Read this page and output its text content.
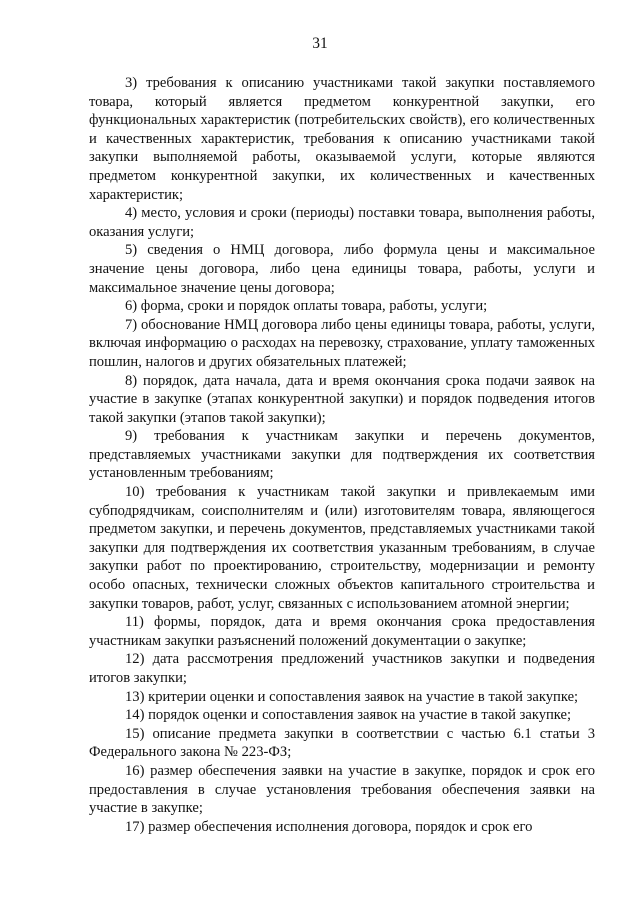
31

3) требования к описанию участниками такой закупки поставляемого товара, который является предметом конкурентной закупки, его функциональных характеристик (потребительских свойств), его количественных и качественных характеристик, требования к описанию участниками такой закупки выполняемой работы, оказываемой услуги, которые являются предметом конкурентной закупки, их количественных и качественных характеристик;

4) место, условия и сроки (периоды) поставки товара, выполнения работы, оказания услуги;

5) сведения о НМЦ договора, либо формула цены и максимальное значение цены договора, либо цена единицы товара, работы, услуги и максимальное значение цены договора;

6) форма, сроки и порядок оплаты товара, работы, услуги;

7) обоснование НМЦ договора либо цены единицы товара, работы, услуги, включая информацию о расходах на перевозку, страхование, уплату таможенных пошлин, налогов и других обязательных платежей;

8) порядок, дата начала, дата и время окончания срока подачи заявок на участие в закупке (этапах конкурентной закупки) и порядок подведения итогов такой закупки (этапов такой закупки);

9) требования к участникам закупки и перечень документов, представляемых участниками закупки для подтверждения их соответствия установленным требованиям;

10) требования к участникам такой закупки и привлекаемым ими субподрядчикам, соисполнителям и (или) изготовителям товара, являющегося предметом закупки, и перечень документов, представляемых участниками такой закупки для подтверждения их соответствия указанным требованиям, в случае закупки работ по проектированию, строительству, модернизации и ремонту особо опасных, технически сложных объектов капитального строительства и закупки товаров, работ, услуг, связанных с использованием атомной энергии;

11) формы, порядок, дата и время окончания срока предоставления участникам закупки разъяснений положений документации о закупке;

12) дата рассмотрения предложений участников закупки и подведения итогов закупки;

13) критерии оценки и сопоставления заявок на участие в такой закупке;

14) порядок оценки и сопоставления заявок на участие в такой закупке;

15) описание предмета закупки в соответствии с частью 6.1 статьи 3 Федерального закона № 223-ФЗ;

16) размер обеспечения заявки на участие в закупке, порядок и срок его предоставления в случае установления требования обеспечения заявки на участие в закупке;

17) размер обеспечения исполнения договора, порядок и срок его
